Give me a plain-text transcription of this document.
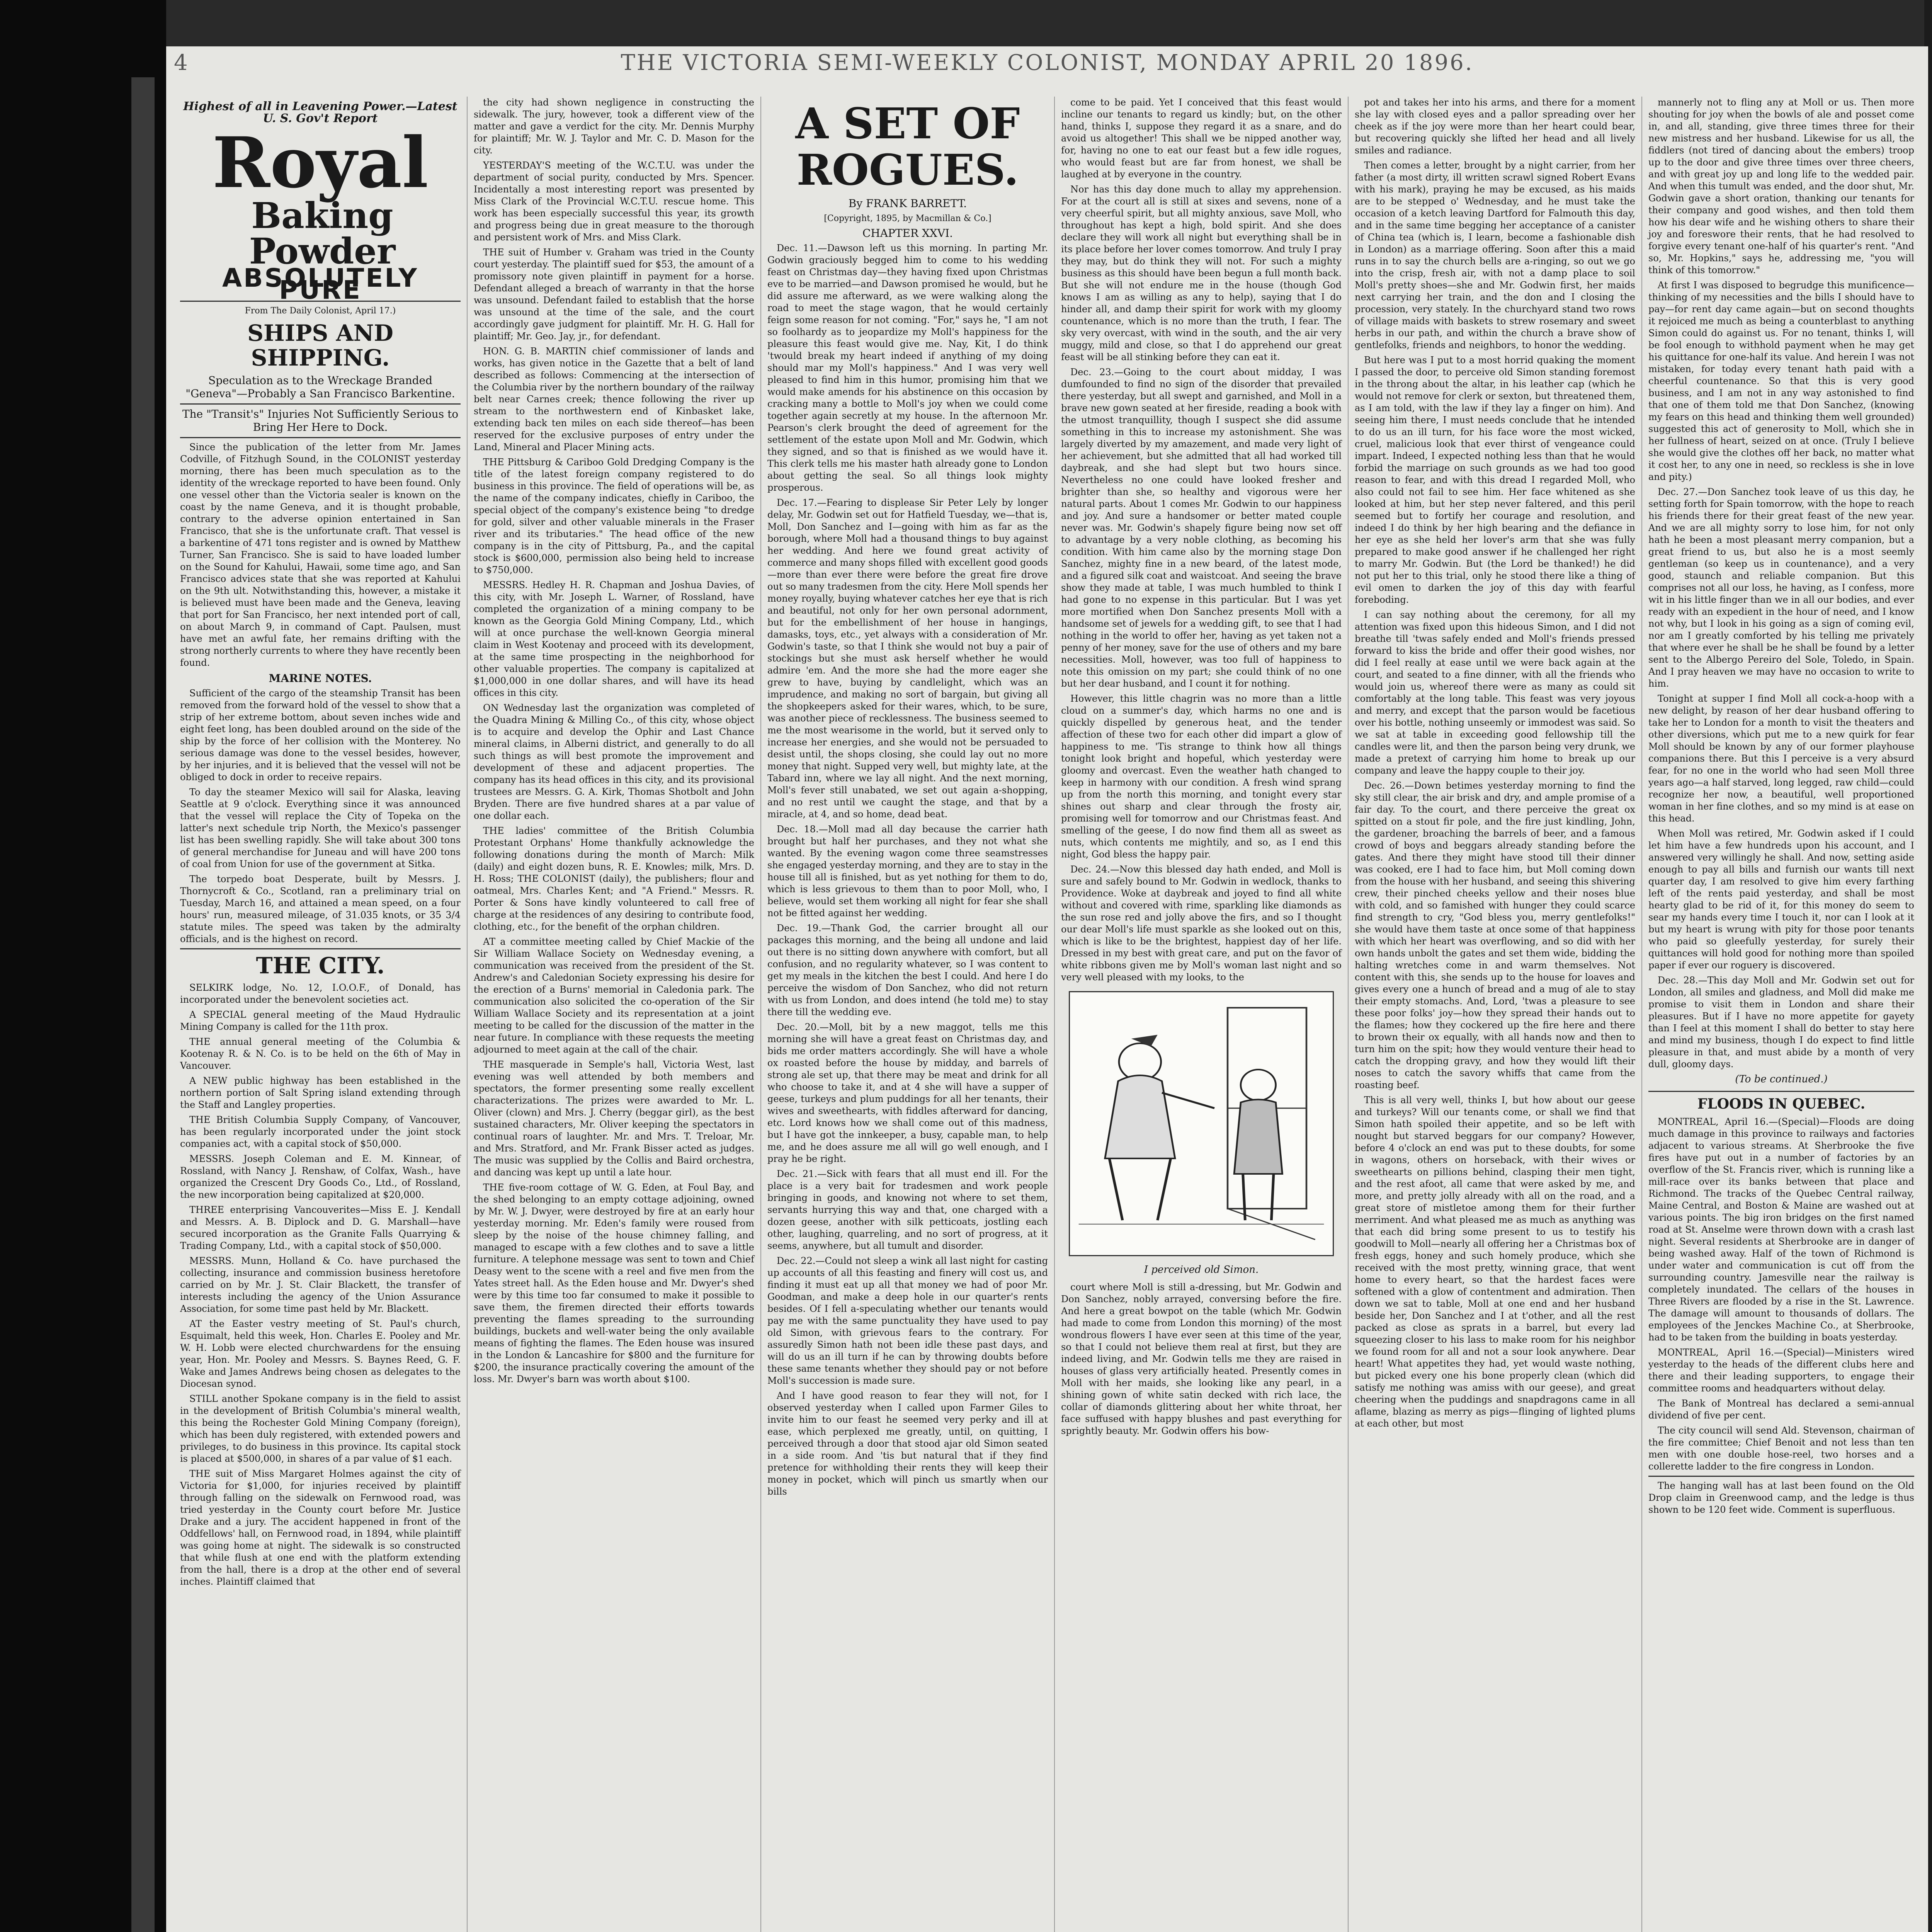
4	THE VICTORIA SEMI-WEEKLY COLONIST, MONDAY APRIL 20 1896.
Highest of all in Leavening Power.—Latest U. S. Gov't Report
Royal Baking
Powder
ABSOLUTELY PURE
From The Daily Colonist, April 17.)
SHIPS AND SHIPPING.
Speculation as to the Wreckage Branded "Geneva"—Probably a San Francisco Barkentine.
The "Transit's" Injuries Not Sufficiently Serious to Bring Her Here to Dock.

Since the publication of the letter from Mr. James Codville, of Fitzhugh Sound, in the COLONIST yesterday morning, there has been much speculation as to the identity of the wreckage reported to have been found. Only one vessel other than the Victoria sealer is known on the coast by the name Geneva, and it is thought probable, contrary to the adverse opinion entertained in San Francisco, that she is the unfortunate craft. That vessel is a barkentine of 471 tons register and is owned by Matthew Turner, San Francisco. She is said to have loaded lumber on the Sound for Kahului, Hawaii, some time ago, and San Francisco advices state that she was reported at Kahului on the 9th ult. Notwithstanding this, however, a mistake it is believed must have been made and the Geneva, leaving that port for San Francisco, her next intended port of call, on about March 9, in command of Capt. Paulsen, must have met an awful fate, her remains drifting with the strong northerly currents to where they have recently been found.

MARINE NOTES.

Sufficient of the cargo of the steamship Transit has been removed from the forward hold of the vessel to show that a strip of her extreme bottom, about seven inches wide and eight feet long, has been doubled around on the side of the ship by the force of her collision with the Monterey. No serious damage was done to the vessel besides, however, by her injuries, and it is believed that the vessel will not be obliged to dock in order to receive repairs.

To day the steamer Mexico will sail for Alaska, leaving Seattle at 9 o'clock. Everything since it was announced that the vessel will replace the City of Topeka on the latter's next schedule trip North, the Mexico's passenger list has been swelling rapidly. She will take about 300 tons of general merchandise for Juneau and will have 200 tons of coal from Union for use of the government at Sitka.

The torpedo boat Desperate, built by Messrs. J. Thornycroft & Co., Scotland, ran a preliminary trial on Tuesday, March 16, and attained a mean speed, on a four hours' run, measured mileage, of 31.035 knots, or 35 3/4 statute miles. The speed was taken by the admiralty officials, and is the highest on record.

THE CITY.

SELKIRK lodge, No. 12, I.O.O.F., of Donald, has incorporated under the benevolent societies act.

A SPECIAL general meeting of the Maud Hydraulic Mining Company is called for the 11th prox.

THE annual general meeting of the Columbia & Kootenay R. & N. Co. is to be held on the 6th of May in Vancouver.

A NEW public highway has been established in the northern portion of Salt Spring island extending through the Staff and Langley properties.

THE British Columbia Supply Company, of Vancouver, has been regularly incorporated under the joint stock companies act, with a capital stock of $50,000.

MESSRS. Joseph Coleman and E. M. Kinnear, of Rossland, with Nancy J. Renshaw, of Colfax, Wash., have organized the Crescent Dry Goods Co., Ltd., of Rossland, the new incorporation being capitalized at $20,000.

THREE enterprising Vancouverites—Miss E. J. Kendall and Messrs. A. B. Diplock and D. G. Marshall—have secured incorporation as the Granite Falls Quarrying & Trading Company, Ltd., with a capital stock of $50,000.

MESSRS. Munn, Holland & Co. have purchased the collecting, insurance and commission business heretofore carried on by Mr. J. St. Clair Blackett, the transfer of interests including the agency of the Union Assurance Association, for some time past held by Mr. Blackett.

AT the Easter vestry meeting of St. Paul's church, Esquimalt, held this week, Hon. Charles E. Pooley and Mr. W. H. Lobb were elected churchwardens for the ensuing year, Hon. Mr. Pooley and Messrs. S. Baynes Reed, G. F. Wake and James Andrews being chosen as delegates to the Diocesan synod.

STILL another Spokane company is in the field to assist in the development of British Columbia's mineral wealth, this being the Rochester Gold Mining Company (foreign), which has been duly registered, with extended powers and privileges, to do business in this province. Its capital stock is placed at $500,000, in shares of a par value of $1 each.

THE suit of Miss Margaret Holmes against the city of Victoria for $1,000, for injuries received by plaintiff through falling on the sidewalk on Fernwood road, was tried yesterday in the County court before Mr. Justice Drake and a jury. The accident happened in front of the Oddfellows' hall, on Fernwood road, in 1894, while plaintiff was going home at night. The sidewalk is so constructed that while flush at one end with the platform extending from the hall, there is a drop at the other end of several inches. Plaintiff claimed that

the city had shown negligence in constructing the sidewalk. The jury, however, took a different view of the matter and gave a verdict for the city. Mr. Dennis Murphy for plaintiff; Mr. W. J. Taylor and Mr. C. D. Mason for the city.

YESTERDAY'S meeting of the W.C.T.U. was under the department of social purity, conducted by Mrs. Spencer. Incidentally a most interesting report was presented by Miss Clark of the Provincial W.C.T.U. rescue home. This work has been especially successful this year, its growth and progress being due in great measure to the thorough and persistent work of Mrs. and Miss Clark.

THE suit of Humber v. Graham was tried in the County court yesterday. The plaintiff sued for $53, the amount of a promissory note given plaintiff in payment for a horse. Defendant alleged a breach of warranty in that the horse was unsound. Defendant failed to establish that the horse was unsound at the time of the sale, and the court accordingly gave judgment for plaintiff. Mr. H. G. Hall for plaintiff; Mr. Geo. Jay, jr., for defendant.

HON. G. B. MARTIN chief commissioner of lands and works, has given notice in the Gazette that a belt of land described as follows: Commencing at the intersection of the Columbia river by the northern boundary of the railway belt near Carnes creek; thence following the river up stream to the northwestern end of Kinbasket lake, extending back ten miles on each side thereof—has been reserved for the exclusive purposes of entry under the Land, Mineral and Placer Mining acts.

THE Pittsburg & Cariboo Gold Dredging Company is the title of the latest foreign company registered to do business in this province. The field of operations will be, as the name of the company indicates, chiefly in Cariboo, the special object of the company's existence being "to dredge for gold, silver and other valuable minerals in the Fraser river and its tributaries." The head office of the new company is in the city of Pittsburg, Pa., and the capital stock is $600,000, permission also being held to increase to $750,000.

MESSRS. Hedley H. R. Chapman and Joshua Davies, of this city, with Mr. Joseph L. Warner, of Rossland, have completed the organization of a mining company to be known as the Georgia Gold Mining Company, Ltd., which will at once purchase the well-known Georgia mineral claim in West Kootenay and proceed with its development, at the same time prospecting in the neighborhood for other valuable properties. The company is capitalized at $1,000,000 in one dollar shares, and will have its head offices in this city.

ON Wednesday last the organization was completed of the Quadra Mining & Milling Co., of this city, whose object is to acquire and develop the Ophir and Last Chance mineral claims, in Alberni district, and generally to do all such things as will best promote the improvement and development of these and adjacent properties. The company has its head offices in this city, and its provisional trustees are Messrs. G. A. Kirk, Thomas Shotbolt and John Bryden. There are five hundred shares at a par value of one dollar each.

THE ladies' committee of the British Columbia Protestant Orphans' Home thankfully acknowledge the following donations during the month of March: Milk (daily) and eight dozen buns, R. E. Knowles; milk, Mrs. D. H. Ross; THE COLONIST (daily), the publishers; flour and oatmeal, Mrs. Charles Kent; and "A Friend." Messrs. R. Porter & Sons have kindly volunteered to call free of charge at the residences of any desiring to contribute food, clothing, etc., for the benefit of the orphan children.

AT a committee meeting called by Chief Mackie of the Sir William Wallace Society on Wednesday evening, a communication was received from the president of the St. Andrew's and Caledonian Society expressing his desire for the erection of a Burns' memorial in Caledonia park. The communication also solicited the co-operation of the Sir William Wallace Society and its representation at a joint meeting to be called for the discussion of the matter in the near future. In compliance with these requests the meeting adjourned to meet again at the call of the chair.

THE masquerade in Semple's hall, Victoria West, last evening was well attended by both members and spectators, the former presenting some really excellent characterizations. The prizes were awarded to Mr. L. Oliver (clown) and Mrs. J. Cherry (beggar girl), as the best sustained characters, Mr. Oliver keeping the spectators in continual roars of laughter. Mr. and Mrs. T. Treloar, Mr. and Mrs. Stratford, and Mr. Frank Bisser acted as judges. The music was supplied by the Collis and Baird orchestra, and dancing was kept up until a late hour.

THE five-room cottage of W. G. Eden, at Foul Bay, and the shed belonging to an empty cottage adjoining, owned by Mr. W. J. Dwyer, were destroyed by fire at an early hour yesterday morning. Mr. Eden's family were roused from sleep by the noise of the house chimney falling, and managed to escape with a few clothes and to save a little furniture. A telephone message was sent to town and Chief Deasy went to the scene with a reel and five men from the Yates street hall. As the Eden house and Mr. Dwyer's shed were by this time too far consumed to make it possible to save them, the firemen directed their efforts towards preventing the flames spreading to the surrounding buildings, buckets and well-water being the only available means of fighting the flames. The Eden house was insured in the London & Lancashire for $800 and the furniture for $200, the insurance practically covering the amount of the loss. Mr. Dwyer's barn was worth about $100.

A SET OF ROGUES.
By FRANK BARRETT.
[Copyright, 1895, by Macmillan & Co.]
CHAPTER XXVI.

Dec. 11.—Dawson left us this morning. In parting Mr. Godwin graciously begged him to come to his wedding feast on Christmas day—they having fixed upon Christmas eve to be married—and Dawson promised he would, but he did assure me afterward, as we were walking along the road to meet the stage wagon, that he would certainly feign some reason for not coming. "For," says he, "I am not so foolhardy as to jeopardize my Moll's happiness for the pleasure this feast would give me. Nay, Kit, I do think 'twould break my heart indeed if anything of my doing should mar my Moll's happiness." And I was very well pleased to find him in this humor, promising him that we would make amends for his abstinence on this occasion by cracking many a bottle to Moll's joy when we could come together again secretly at my house. In the afternoon Mr. Pearson's clerk brought the deed of agreement for the settlement of the estate upon Moll and Mr. Godwin, which they signed, and so that is finished as we would have it. This clerk tells me his master hath already gone to London about getting the seal. So all things look mighty prosperous.

Dec. 17.—Fearing to displease Sir Peter Lely by longer delay, Mr. Godwin set out for Hatfield Tuesday, we—that is, Moll, Don Sanchez and I—going with him as far as the borough, where Moll had a thousand things to buy against her wedding. And here we found great activity of commerce and many shops filled with excellent good goods—more than ever there were before the great fire drove out so many tradesmen from the city. Here Moll spends her money royally, buying whatever catches her eye that is rich and beautiful, not only for her own personal adornment, but for the embellishment of her house in hangings, damasks, toys, etc., yet always with a consideration of Mr. Godwin's taste, so that I think she would not buy a pair of stockings but she must ask herself whether he would admire 'em. And the more she had the more eager she grew to have, buying by candlelight, which was an imprudence, and making no sort of bargain, but giving all the shopkeepers asked for their wares, which, to be sure, was another piece of recklessness. The business seemed to me the most wearisome in the world, but it served only to increase her energies, and she would not be persuaded to desist until, the shops closing, she could lay out no more money that night. Supped very well, but mighty late, at the Tabard inn, where we lay all night. And the next morning, Moll's fever still unabated, we set out again a-shopping, and no rest until we caught the stage, and that by a miracle, at 4, and so home, dead beat.

Dec. 18.—Moll mad all day because the carrier hath brought but half her purchases, and they not what she wanted. By the evening wagon come three seamstresses she engaged yesterday morning, and they are to stay in the house till all is finished, but as yet nothing for them to do, which is less grievous to them than to poor Moll, who, I believe, would set them working all night for fear she shall not be fitted against her wedding.

Dec. 19.—Thank God, the carrier brought all our packages this morning, and the being all undone and laid out there is no sitting down anywhere with comfort, but all confusion, and no regularity whatever, so I was content to get my meals in the kitchen the best I could. And here I do perceive the wisdom of Don Sanchez, who did not return with us from London, and does intend (he told me) to stay there till the wedding eve.

Dec. 20.—Moll, bit by a new maggot, tells me this morning she will have a great feast on Christmas day, and bids me order matters accordingly. She will have a whole ox roasted before the house by midday, and barrels of strong ale set up, that there may be meat and drink for all who choose to take it, and at 4 she will have a supper of geese, turkeys and plum puddings for all her tenants, their wives and sweethearts, with fiddles afterward for dancing, etc. Lord knows how we shall come out of this madness, but I have got the innkeeper, a busy, capable man, to help me, and he does assure me all will go well enough, and I pray he be right.

Dec. 21.—Sick with fears that all must end ill. For the place is a very bait for tradesmen and work people bringing in goods, and knowing not where to set them, servants hurrying this way and that, one charged with a dozen geese, another with silk petticoats, jostling each other, laughing, quarreling, and no sort of progress, at it seems, anywhere, but all tumult and disorder.

Dec. 22.—Could not sleep a wink all last night for casting up accounts of all this feasting and finery will cost us, and finding it must eat up all that money we had of poor Mr. Goodman, and make a deep hole in our quarter's rents besides. Of I fell a-speculating whether our tenants would pay me with the same punctuality they have used to pay old Simon, with grievous fears to the contrary. For assuredly Simon hath not been idle these past days, and will do us an ill turn if he can by throwing doubts before these same tenants whether they should pay or not before Moll's succession is made sure.

And I have good reason to fear they will not, for I observed yesterday when I called upon Farmer Giles to invite him to our feast he seemed very perky and ill at ease, which perplexed me greatly, until, on quitting, I perceived through a door that stood ajar old Simon seated in a side room. And 'tis but natural that if they find pretence for withholding their rents they will keep their money in pocket, which will pinch us smartly when our bills

come to be paid. Yet I conceived that this feast would incline our tenants to regard us kindly; but, on the other hand, thinks I, suppose they regard it as a snare, and do avoid us altogether! This shall we be nipped another way, for, having no one to eat our feast but a few idle rogues, who would feast but are far from honest, we shall be laughed at by everyone in the country.

Nor has this day done much to allay my apprehension. For at the court all is still at sixes and sevens, none of a very cheerful spirit, but all mighty anxious, save Moll, who throughout has kept a high, bold spirit. And she does declare they will work all night but everything shall be in its place before her lover comes tomorrow. And truly I pray they may, but do think they will not. For such a mighty business as this should have been begun a full month back. But she will not endure me in the house (though God knows I am as willing as any to help), saying that I do hinder all, and damp their spirit for work with my gloomy countenance, which is no more than the truth, I fear. The sky very overcast, with wind in the south, and the air very muggy, mild and close, so that I do apprehend our great feast will be all stinking before they can eat it.

Dec. 23.—Going to the court about midday, I was dumfounded to find no sign of the disorder that prevailed there yesterday, but all swept and garnished, and Moll in a brave new gown seated at her fireside, reading a book with the utmost tranquillity, though I suspect she did assume something in this to increase my astonishment. She was largely diverted by my amazement, and made very light of her achievement, but she admitted that all had worked till daybreak, and she had slept but two hours since. Nevertheless no one could have looked fresher and brighter than she, so healthy and vigorous were her natural parts. About 1 comes Mr. Godwin to our happiness and joy. And sure a handsomer or better mated couple never was. Mr. Godwin's shapely figure being now set off to advantage by a very noble clothing, as becoming his condition. With him came also by the morning stage Don Sanchez, mighty fine in a new beard, of the latest mode, and a figured silk coat and waistcoat. And seeing the brave show they made at table, I was much humbled to think I had gone to no expense in this particular. But I was yet more mortified when Don Sanchez presents Moll with a handsome set of jewels for a wedding gift, to see that I had nothing in the world to offer her, having as yet taken not a penny of her money, save for the use of others and my bare necessities. Moll, however, was too full of happiness to note this omission on my part; she could think of no one but her dear husband, and I count it for nothing.

However, this little chagrin was no more than a little cloud on a summer's day, which harms no one and is quickly dispelled by generous heat, and the tender affection of these two for each other did impart a glow of happiness to me. 'Tis strange to think how all things tonight look bright and hopeful, which yesterday were gloomy and overcast. Even the weather hath changed to keep in harmony with our condition. A fresh wind sprang up from the north this morning, and tonight every star shines out sharp and clear through the frosty air, promising well for tomorrow and our Christmas feast. And smelling of the geese, I do now find them all as sweet as nuts, which contents me mightily, and so, as I end this night, God bless the happy pair.

Dec. 24.—Now this blessed day hath ended, and Moll is sure and safely bound to Mr. Godwin in wedlock, thanks to Providence. Woke at daybreak and joyed to find all white without and covered with rime, sparkling like diamonds as the sun rose red and jolly above the firs, and so I thought our dear Moll's life must sparkle as she looked out on this, which is like to be the brightest, happiest day of her life. Dressed in my best with great care, and put on the favor of white ribbons given me by Moll's woman last night and so very well pleased with my looks, to the

I perceived old Simon.

court where Moll is still a-dressing, but Mr. Godwin and Don Sanchez, nobly arrayed, conversing before the fire. And here a great bowpot on the table (which Mr. Godwin had made to come from London this morning) of the most wondrous flowers I have ever seen at this time of the year, so that I could not believe them real at first, but they are indeed living, and Mr. Godwin tells me they are raised in houses of glass very artificially heated. Presently comes in Moll with her maids, she looking like any pearl, in a shining gown of white satin decked with rich lace, the collar of diamonds glittering about her white throat, her face suffused with happy blushes and past everything for sprightly beauty. Mr. Godwin offers his bow-

pot and takes her into his arms, and there for a moment she lay with closed eyes and a pallor spreading over her cheek as if the joy were more than her heart could bear, but recovering quickly she lifted her head and all lively smiles and radiance.

Then comes a letter, brought by a night carrier, from her father (a most dirty, ill written scrawl signed Robert Evans with his mark), praying he may be excused, as his maids are to be stepped o' Wednesday, and he must take the occasion of a ketch leaving Dartford for Falmouth this day, and in the same time begging her acceptance of a canister of China tea (which is, I learn, become a fashionable dish in London) as a marriage offering. Soon after this a maid runs in to say the church bells are a-ringing, so out we go into the crisp, fresh air, with not a damp place to soil Moll's pretty shoes—she and Mr. Godwin first, her maids next carrying her train, and the don and I closing the procession, very stately. In the churchyard stand two rows of village maids with baskets to strew rosemary and sweet herbs in our path, and within the church a brave show of gentlefolks, friends and neighbors, to honor the wedding.

But here was I put to a most horrid quaking the moment I passed the door, to perceive old Simon standing foremost in the throng about the altar, in his leather cap (which he would not remove for clerk or sexton, but threatened them, as I am told, with the law if they lay a finger on him). And seeing him there, I must needs conclude that he intended to do us an ill turn, for his face wore the most wicked, cruel, malicious look that ever thirst of vengeance could impart. Indeed, I expected nothing less than that he would forbid the marriage on such grounds as we had too good reason to fear, and with this dread I regarded Moll, who also could not fail to see him. Her face whitened as she looked at him, but her step never faltered, and this peril seemed but to fortify her courage and resolution, and indeed I do think by her high bearing and the defiance in her eye as she held her lover's arm that she was fully prepared to make good answer if he challenged her right to marry Mr. Godwin. But (the Lord be thanked!) he did not put her to this trial, only he stood there like a thing of evil omen to darken the joy of this day with fearful foreboding.

I can say nothing about the ceremony, for all my attention was fixed upon this hideous Simon, and I did not breathe till 'twas safely ended and Moll's friends pressed forward to kiss the bride and offer their good wishes, nor did I feel really at ease until we were back again at the court, and seated to a fine dinner, with all the friends who would join us, whereof there were as many as could sit comfortably at the long table. This feast was very joyous and merry, and except that the parson would be facetious over his bottle, nothing unseemly or immodest was said. So we sat at table in exceeding good fellowship till the candles were lit, and then the parson being very drunk, we made a pretext of carrying him home to break up our company and leave the happy couple to their joy.

Dec. 26.—Down betimes yesterday morning to find the sky still clear, the air brisk and dry, and ample promise of a fair day. To the court, and there perceive the great ox spitted on a stout fir pole, and the fire just kindling, John, the gardener, broaching the barrels of beer, and a famous crowd of boys and beggars already standing before the gates. And there they might have stood till their dinner was cooked, ere I had to face him, but Moll coming down from the house with her husband, and seeing this shivering crew, their pinched cheeks yellow and their noses blue with cold, and so famished with hunger they could scarce find strength to cry, "God bless you, merry gentlefolks!" she would have them taste at once some of that happiness with which her heart was overflowing, and so did with her own hands unbolt the gates and set them wide, bidding the halting wretches come in and warm themselves. Not content with this, she sends up to the house for loaves and gives every one a hunch of bread and a mug of ale to stay their empty stomachs. And, Lord, 'twas a pleasure to see these poor folks' joy—how they spread their hands out to the flames; how they cockered up the fire here and there to brown their ox equally, with all hands now and then to turn him on the spit; how they would venture their head to catch the dropping gravy, and how they would lift their noses to catch the savory whiffs that came from the roasting beef.

This is all very well, thinks I, but how about our geese and turkeys? Will our tenants come, or shall we find that Simon hath spoiled their appetite, and so be left with nought but starved beggars for our company? However, before 4 o'clock an end was put to these doubts, for some in wagons, others on horseback, with their wives or sweethearts on pillions behind, clasping their men tight, and the rest afoot, all came that were asked by me, and more, and pretty jolly already with all on the road, and a great store of mistletoe among them for their further merriment. And what pleased me as much as anything was that each did bring some present to us to testify his goodwill to Moll—nearly all offering her a Christmas box of fresh eggs, honey and such homely produce, which she received with the most pretty, winning grace, that went home to every heart, so that the hardest faces were softened with a glow of contentment and admiration. Then down we sat to table, Moll at one end and her husband beside her, Don Sanchez and I at t'other, and all the rest packed as close as sprats in a barrel, but every lad squeezing closer to his lass to make room for his neighbor we found room for all and not a sour look anywhere. Dear heart! What appetites they had, yet would waste nothing, but picked every one his bone properly clean (which did satisfy me nothing was amiss with our geese), and great cheering when the puddings and snapdragons came in all aflame, blazing as merry as pigs—flinging of lighted plums at each other, but most

mannerly not to fling any at Moll or us. Then more shouting for joy when the bowls of ale and posset come in, and all, standing, give three times three for their new mistress and her husband. Likewise for us all, the fiddlers (not tired of dancing about the embers) troop up to the door and give three times over three cheers, and with great joy up and long life to the wedded pair. And when this tumult was ended, and the door shut, Mr. Godwin gave a short oration, thanking our tenants for their company and good wishes, and then told them how his dear wife and he wishing others to share their joy and foreswore their rents, that he had resolved to forgive every tenant one-half of his quarter's rent. "And so, Mr. Hopkins," says he, addressing me, "you will think of this tomorrow."

At first I was disposed to begrudge this munificence—thinking of my necessities and the bills I should have to pay—for rent day came again—but on second thoughts it rejoiced me much as being a counterblast to anything Simon could do against us. For no tenant, thinks I, will be fool enough to withhold payment when he may get his quittance for one-half its value. And herein I was not mistaken, for today every tenant hath paid with a cheerful countenance. So that this is very good business, and I am not in any way astonished to find that one of them told me that Don Sanchez, (knowing my fears on this head and thinking them well grounded) suggested this act of generosity to Moll, which she in her fullness of heart, seized on at once. (Truly I believe she would give the clothes off her back, no matter what it cost her, to any one in need, so reckless is she in love and pity.)

Dec. 27.—Don Sanchez took leave of us this day, he setting forth for Spain tomorrow, with the hope to reach his friends there for their great feast of the new year. And we are all mighty sorry to lose him, for not only hath he been a most pleasant merry companion, but a great friend to us, but also he is a most seemly gentleman (so keep us in countenance), and a very good, staunch and reliable companion. But this comprises not all our loss, he having, as I confess, more wit in his little finger than we in all our bodies, and ever ready with an expedient in the hour of need, and I know not why, but I look in his going as a sign of coming evil, nor am I greatly comforted by his telling me privately that where ever he shall be he shall be found by a letter sent to the Albergo Pereiro del Sole, Toledo, in Spain. And I pray heaven we may have no occasion to write to him.

Tonight at supper I find Moll all cock-a-hoop with a new delight, by reason of her dear husband offering to take her to London for a month to visit the theaters and other diversions, which put me to a new quirk for fear Moll should be known by any of our former playhouse companions there. But this I perceive is a very absurd fear, for no one in the world who had seen Moll three years ago—a half starved, long legged, raw child—could recognize her now, a beautiful, well proportioned woman in her fine clothes, and so my mind is at ease on this head.

When Moll was retired, Mr. Godwin asked if I could let him have a few hundreds upon his account, and I answered very willingly he shall. And now, setting aside enough to pay all bills and furnish our wants till next quarter day, I am resolved to give him every farthing left of the rents paid yesterday, and shall be most hearty glad to be rid of it, for this money do seem to sear my hands every time I touch it, nor can I look at it but my heart is wrung with pity for those poor tenants who paid so gleefully yesterday, for surely their quittances will hold good for nothing more than spoiled paper if ever our roguery is discovered.

Dec. 28.—This day Moll and Mr. Godwin set out for London, all smiles and gladness, and Moll did make me promise to visit them in London and share their pleasures. But if I have no more appetite for gayety than I feel at this moment I shall do better to stay here and mind my business, though I do expect to find little pleasure in that, and must abide by a month of very dull, gloomy days.

(To be continued.)
FLOODS IN QUEBEC.

MONTREAL, April 16.—(Special)—Floods are doing much damage in this province to railways and factories adjacent to various streams. At Sherbrooke the five fires have put out in a number of factories by an overflow of the St. Francis river, which is running like a mill-race over its banks between that place and Richmond. The tracks of the Quebec Central railway, Maine Central, and Boston & Maine are washed out at various points. The big iron bridges on the first named road at St. Anselme were thrown down with a crash last night. Several residents at Sherbrooke are in danger of being washed away. Half of the town of Richmond is under water and communication is cut off from the surrounding country. Jamesville near the railway is completely inundated. The cellars of the houses in Three Rivers are flooded by a rise in the St. Lawrence. The damage will amount to thousands of dollars. The employees of the Jenckes Machine Co., at Sherbrooke, had to be taken from the building in boats yesterday.

MONTREAL, April 16.—(Special)—Ministers wired yesterday to the heads of the different clubs here and there and their leading supporters, to engage their committee rooms and headquarters without delay.

The Bank of Montreal has declared a semi-annual dividend of five per cent.

The city council will send Ald. Stevenson, chairman of the fire committee; Chief Benoit and not less than ten men with one double hose-reel, two horses and a collerette ladder to the fire congress in London.

The hanging wall has at last been found on the Old Drop claim in Greenwood camp, and the ledge is thus shown to be 120 feet wide. Comment is superfluous.
